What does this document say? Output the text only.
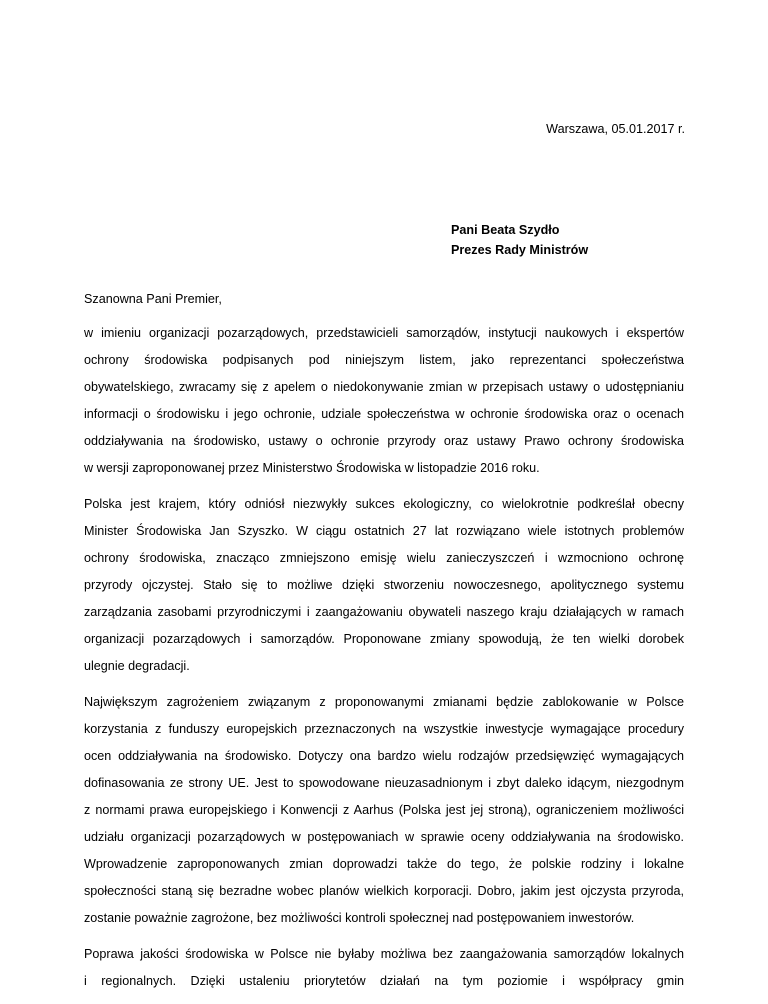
Warszawa, 05.01.2017 r.
Pani Beata Szydło
Prezes Rady Ministrów
Szanowna Pani Premier,
w imieniu organizacji pozarządowych, przedstawicieli samorządów, instytucji naukowych i ekspertów
ochrony środowiska podpisanych pod niniejszym listem, jako reprezentanci społeczeństwa
obywatelskiego, zwracamy się z apelem o niedokonywanie zmian w przepisach ustawy o udostępnianiu
informacji o środowisku i jego ochronie, udziale społeczeństwa w ochronie środowiska oraz o ocenach
oddziaływania na środowisko, ustawy o ochronie przyrody oraz ustawy Prawo ochrony środowiska
w wersji zaproponowanej przez Ministerstwo Środowiska w listopadzie 2016 roku.
Polska jest krajem, który odniósł niezwykły sukces ekologiczny, co wielokrotnie podkreślał obecny
Minister Środowiska Jan Szyszko. W ciągu ostatnich 27 lat rozwiązano wiele istotnych problemów
ochrony środowiska, znacząco zmniejszono emisję wielu zanieczyszczeń i wzmocniono ochronę
przyrody ojczystej. Stało się to możliwe dzięki stworzeniu nowoczesnego, apolitycznego systemu
zarządzania zasobami przyrodniczymi i zaangażowaniu obywateli naszego kraju działających w ramach
organizacji pozarządowych i samorządów. Proponowane zmiany spowodują, że ten wielki dorobek
ulegnie degradacji.
Największym zagrożeniem związanym z proponowanymi zmianami będzie zablokowanie w Polsce
korzystania z funduszy europejskich przeznaczonych na wszystkie inwestycje wymagające procedury
ocen oddziaływania na środowisko. Dotyczy ona bardzo wielu rodzajów przedsięwzięć wymagających
dofinasowania ze strony UE. Jest to spowodowane nieuzasadnionym i zbyt daleko idącym, niezgodnym
z normami prawa europejskiego i Konwencji z Aarhus (Polska jest jej stroną), ograniczeniem możliwości
udziału organizacji pozarządowych w postępowaniach w sprawie oceny oddziaływania na środowisko.
Wprowadzenie zaproponowanych zmian doprowadzi także do tego, że polskie rodziny i lokalne
społeczności staną się bezradne wobec planów wielkich korporacji. Dobro, jakim jest ojczysta przyroda,
zostanie poważnie zagrożone, bez możliwości kontroli społecznej nad postępowaniem inwestorów.
Poprawa jakości środowiska w Polsce nie byłaby możliwa bez zaangażowania samorządów lokalnych
i regionalnych. Dzięki ustaleniu priorytetów działań na tym poziomie i współpracy gmin
